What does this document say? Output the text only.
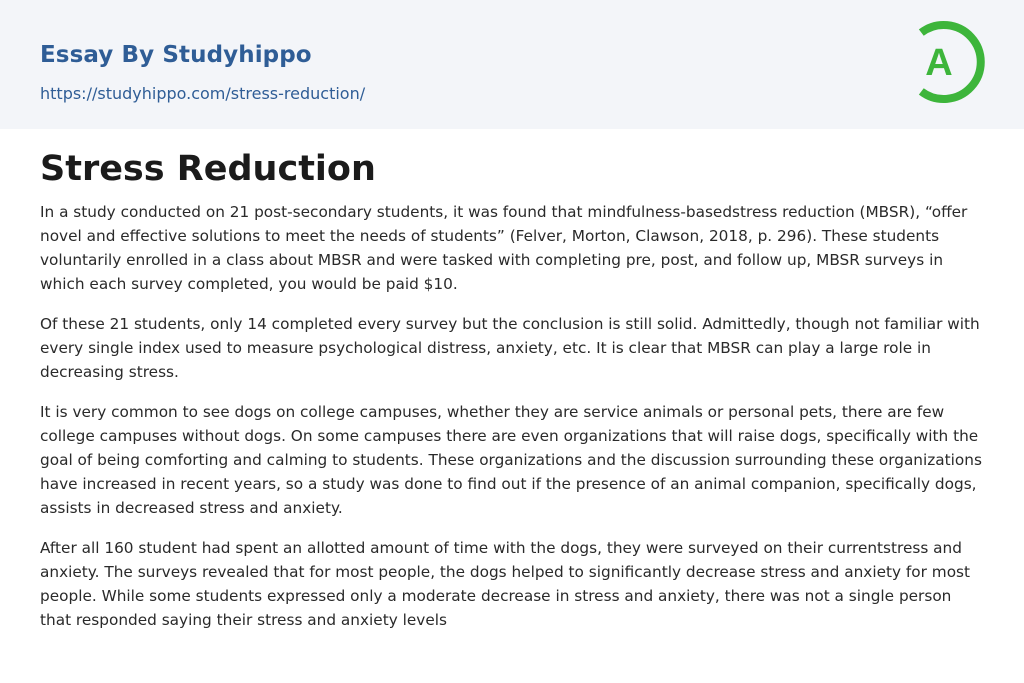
Essay By Studyhippo
https://studyhippo.com/stress-reduction/
A
Stress Reduction

In a study conducted on 21 post-secondary students, it was found that mindfulness-basedstress reduction (MBSR), “offer novel and effective solutions to meet the needs of students” (Felver, Morton, Clawson, 2018, p. 296). These students voluntarily enrolled in a class about MBSR and were tasked with completing pre, post, and follow up, MBSR surveys in which each survey completed, you would be paid $10.

Of these 21 students, only 14 completed every survey but the conclusion is still solid. Admittedly, though not familiar with every single index used to measure psychological distress, anxiety, etc. It is clear that MBSR can play a large role in decreasing stress.

It is very common to see dogs on college campuses, whether they are service animals or personal pets, there are few college campuses without dogs. On some campuses there are even organizations that will raise dogs, specifically with the goal of being comforting and calming to students. These organizations and the discussion surrounding these organizations have increased in recent years, so a study was done to find out if the presence of an animal companion, specifically dogs, assists in decreased stress and anxiety.

After all 160 student had spent an allotted amount of time with the dogs, they were surveyed on their currentstress and anxiety. The surveys revealed that for most people, the dogs helped to significantly decrease stress and anxiety for most people. While some students expressed only a moderate decrease in stress and anxiety, there was not a single person that responded saying their stress and anxiety levels
